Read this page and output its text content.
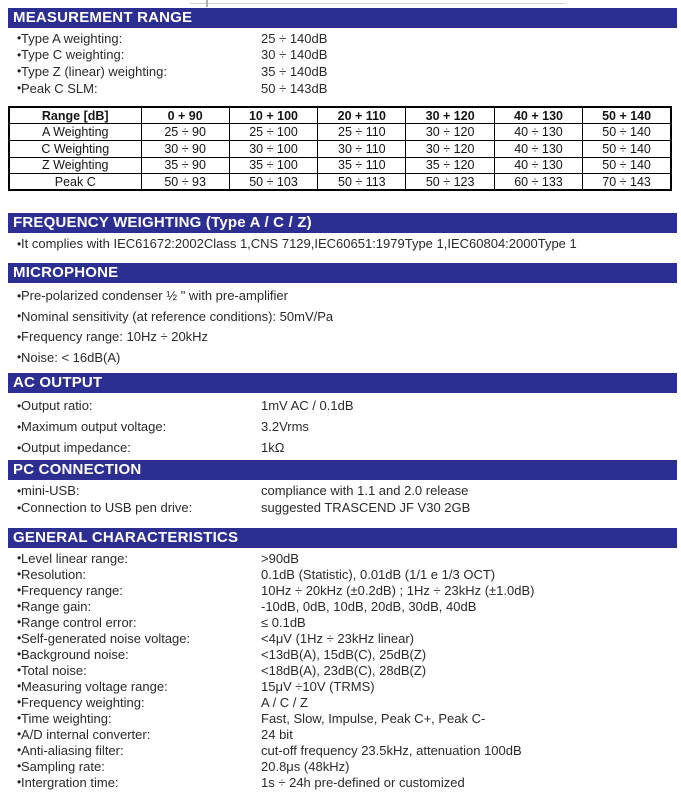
MEASUREMENT RANGE
• Type A weighting:	25 ÷ 140dB
• Type C weighting:	30 ÷ 140dB
• Type Z (linear) weighting:	35 ÷ 140dB
• Peak C SLM:	50 ÷ 143dB
Range [dB]	0 + 90	10 + 100	20 + 110	30 + 120	40 + 130	50 + 140
A Weighting	25 ÷ 90	25 ÷ 100	25 ÷ 110	30 ÷ 120	40 ÷ 130	50 ÷ 140
C Weighting	30 ÷ 90	30 ÷ 100	30 ÷ 110	30 ÷ 120	40 ÷ 130	50 ÷ 140
Z Weighting	35 ÷ 90	35 ÷ 100	35 ÷ 110	35 ÷ 120	40 ÷ 130	50 ÷ 140
Peak C	50 ÷ 93	50 ÷ 103	50 ÷ 113	50 ÷ 123	60 ÷ 133	70 ÷ 143
FREQUENCY WEIGHTING (Type A / C / Z)
• It complies with IEC61672:2002Class 1,CNS 7129,IEC60651:1979Type 1,IEC60804:2000Type 1
MICROPHONE
• Pre-polarized condenser ½ " with pre-amplifier
• Nominal sensitivity (at reference conditions): 50mV/Pa
• Frequency range: 10Hz ÷ 20kHz
• Noise: < 16dB(A)
AC OUTPUT
• Output ratio:	1mV AC / 0.1dB
• Maximum output voltage:	3.2Vrms
• Output impedance:	1kΩ
PC CONNECTION
• mini-USB:	compliance with 1.1 and 2.0 release
• Connection to USB pen drive:	suggested TRASCEND JF V30 2GB
GENERAL CHARACTERISTICS
• Level linear range:	>90dB
• Resolution:	0.1dB (Statistic), 0.01dB (1/1 e 1/3 OCT)
• Frequency range:	10Hz ÷ 20kHz (±0.2dB) ; 1Hz ÷ 23kHz (±1.0dB)
• Range gain:	-10dB, 0dB, 10dB, 20dB, 30dB, 40dB
• Range control error:	≤ 0.1dB
• Self-generated noise voltage:	<4μV (1Hz ÷ 23kHz linear)
• Background noise:	<13dB(A), 15dB(C), 25dB(Z)
• Total noise:	<18dB(A), 23dB(C), 28dB(Z)
• Measuring voltage range:	15μV ÷10V (TRMS)
• Frequency weighting:	A / C / Z
• Time weighting:	Fast, Slow, Impulse, Peak C+, Peak C-
• A/D internal converter:	24 bit
• Anti-aliasing filter:	cut-off frequency 23.5kHz, attenuation 100dB
• Sampling rate:	20.8μs (48kHz)
• Intergration time:	1s ÷ 24h pre-defined or customized
